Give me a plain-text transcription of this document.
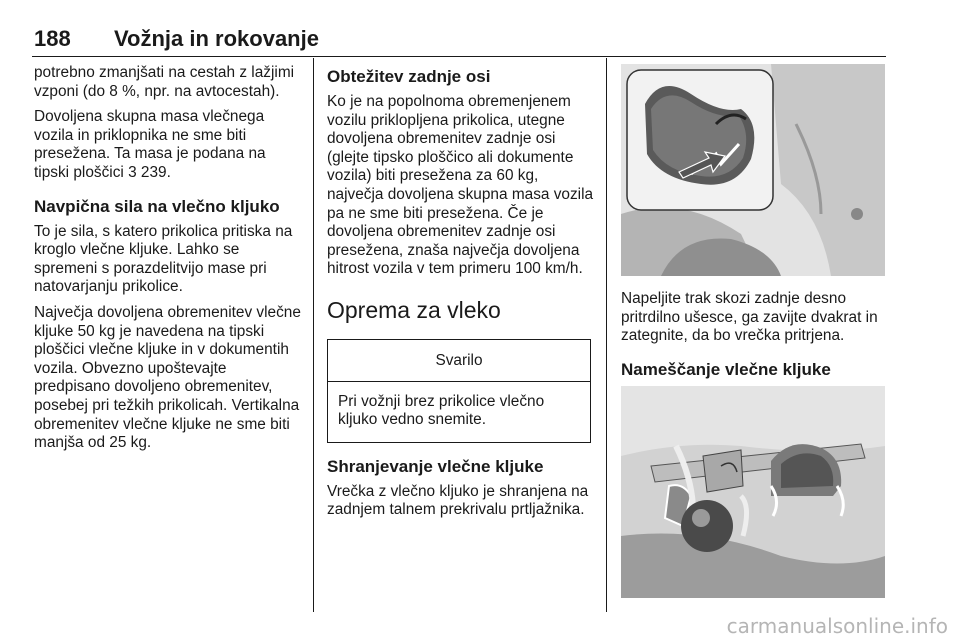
188 Vožnja in rokovanje

potrebno zmanjšati na cestah z lažjimi vzponi (do 8 %, npr. na avtocestah).

Dovoljena skupna masa vlečnega vozila in priklopnika ne sme biti presežena. Ta masa je podana na tipski ploščici 3 239.

Navpična sila na vlečno kljuko

To je sila, s katero prikolica pritiska na kroglo vlečne kljuke. Lahko se spremeni s porazdelitvijo mase pri natovarjanju prikolice.

Največja dovoljena obremenitev vlečne kljuke 50 kg je navedena na tipski ploščici vlečne kljuke in v dokumentih vozila. Obvezno upoštevajte predpisano dovoljeno obremenitev, posebej pri težkih prikolicah. Vertikalna obremenitev vlečne kljuke ne sme biti manjša od 25 kg.

Obtežitev zadnje osi

Ko je na popolnoma obremenjenem vozilu priklopljena prikolica, utegne dovoljena obremenitev zadnje osi (glejte tipsko ploščico ali dokumente vozila) biti presežena za 60 kg, največja dovoljena skupna masa vozila pa ne sme biti presežena. Če je dovoljena obremenitev zadnje osi presežena, znaša največja dovoljena hitrost vozila v tem primeru 100 km/h.

Oprema za vleko
Svarilo
Pri vožnji brez prikolice vlečno kljuko vedno snemite.
Shranjevanje vlečne kljuke

Vrečka z vlečno kljuko je shranjena na zadnjem talnem prekrivalu prtljažnika.

Napeljite trak skozi zadnje desno pritrdilno ušesce, ga zavijte dvakrat in zategnite, da bo vrečka pritrjena.

Nameščanje vlečne kljuke
carmanualsonline.info
